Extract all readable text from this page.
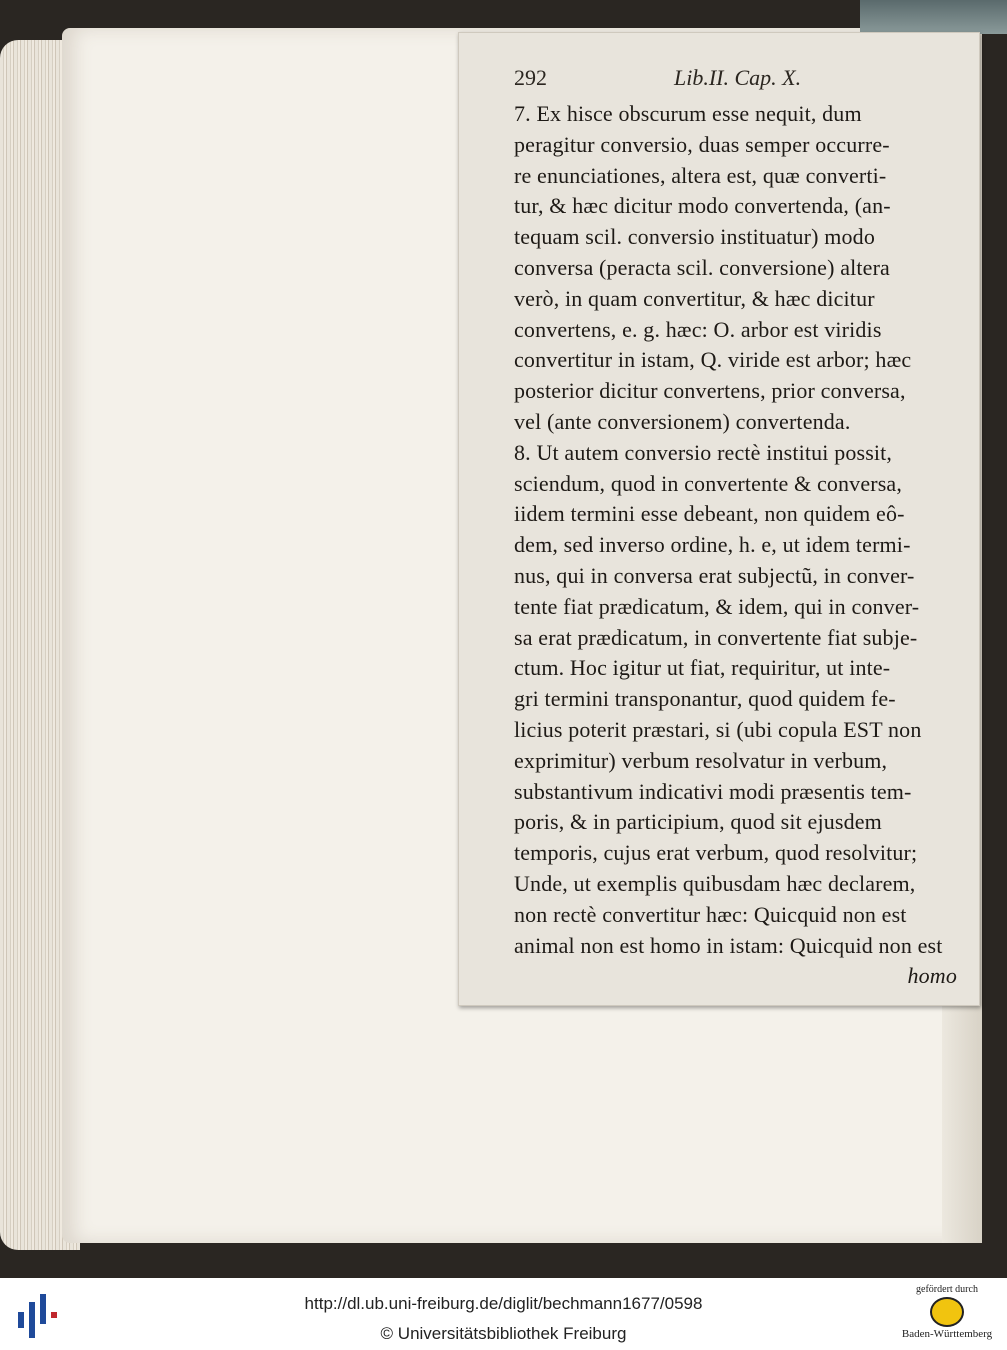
292	Lib.II. Cap. X.
7. Ex hisce obscurum esse nequit, dum
peragitur conversio, duas semper occurre-
re enunciationes, altera est, quæ converti-
tur, & hæc dicitur modo convertenda, (an-
tequam scil. conversio instituatur) modo
conversa (peracta scil. conversione) altera
verò, in quam convertitur, & hæc dicitur
convertens, e. g. hæc: O. arbor est viridis
convertitur in istam, Q. viride est arbor; hæc
posterior dicitur convertens, prior conversa,
vel (ante conversionem) convertenda.
8. Ut autem conversio rectè institui possit,
sciendum, quod in convertente & conversa,
iidem termini esse debeant, non quidem eô-
dem, sed inverso ordine, h. e, ut idem termi-
nus, qui in conversa erat subjectũ, in conver-
tente fiat prædicatum, & idem, qui in conver-
sa erat prædicatum, in convertente fiat subje-
ctum. Hoc igitur ut fiat, requiritur, ut inte-
gri termini transponantur, quod quidem fe-
licius poterit præstari, si (ubi copula EST non
exprimitur) verbum resolvatur in verbum,
substantivum indicativi modi præsentis tem-
poris, & in participium, quod sit ejusdem
temporis, cujus erat verbum, quod resolvitur;
Unde, ut exemplis quibusdam hæc declarem,
non rectè convertitur hæc: Quicquid non est
animal non est homo in istam: Quicquid non est
homo
http://dl.ub.uni-freiburg.de/diglit/bechmann1677/0598
© Universitätsbibliothek Freiburg
gefördert durch
Baden-Württemberg
